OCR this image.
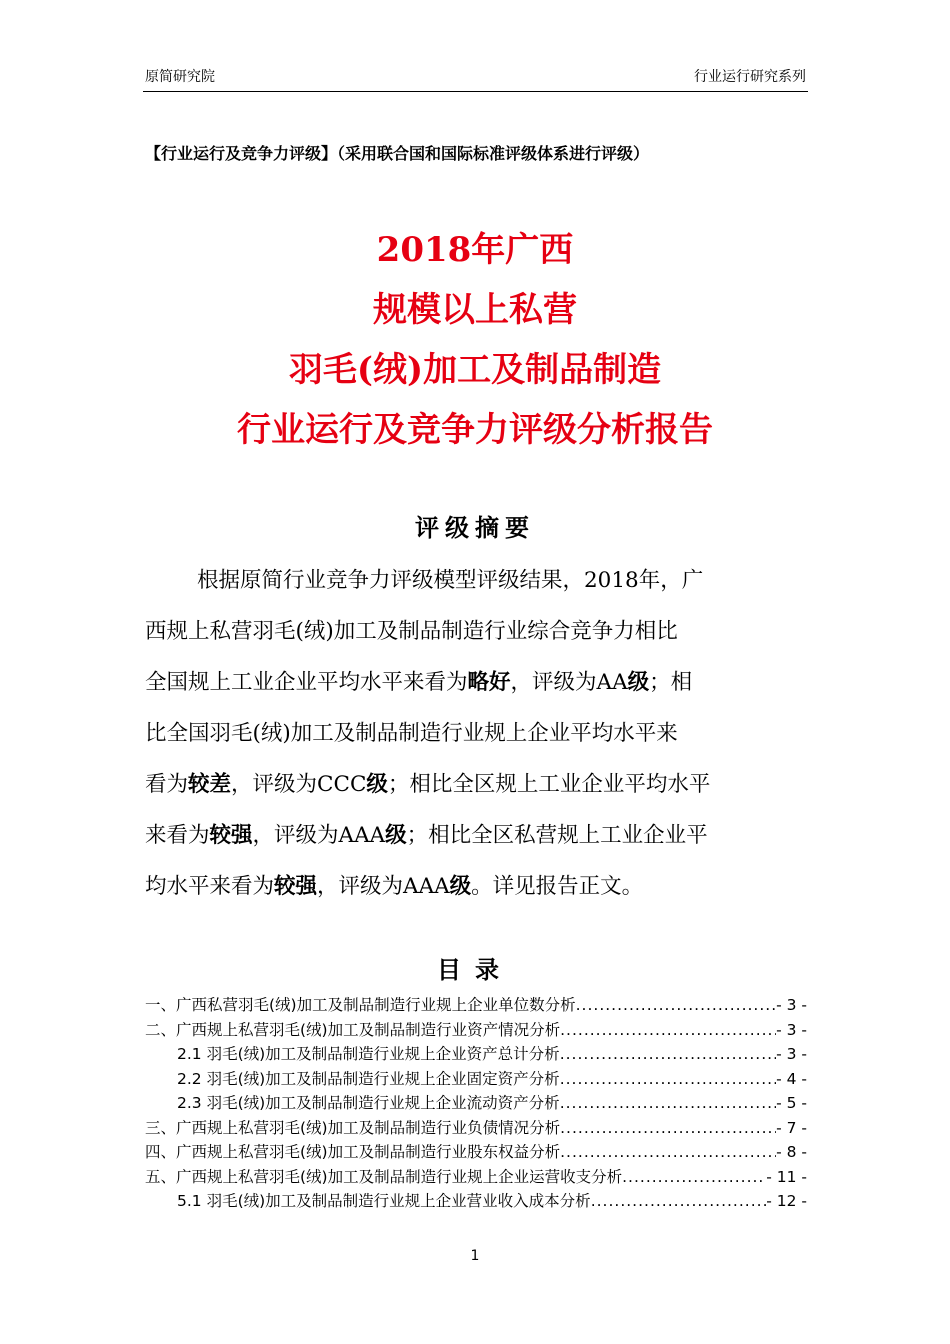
原简研究院	行业运行研究系列
【行业运行及竞争力评级】（采用联合国和国际标准评级体系进行评级）
2018年广西
规模以上私营
羽毛(绒)加工及制品制造
行业运行及竞争力评级分析报告
评级摘要
根据原简行业竞争力评级模型评级结果，2018年，广
西规上私营羽毛(绒)加工及制品制造行业综合竞争力相比
全国规上工业企业平均水平来看为略好，评级为AA级；相
比全国羽毛(绒)加工及制品制造行业规上企业平均水平来
看为较差，评级为CCC级；相比全区规上工业企业平均水平
来看为较强，评级为AAA级；相比全区私营规上工业企业平
均水平来看为较强，评级为AAA级。详见报告正文。
目录
一、广西私营羽毛(绒)加工及制品制造行业规上企业单位数分析 .....	- 3 -
二、广西规上私营羽毛(绒)加工及制品制造行业资产情况分析 .....	- 3 -
2.1 羽毛(绒)加工及制品制造行业规上企业资产总计分析 .....	- 3 -
2.2 羽毛(绒)加工及制品制造行业规上企业固定资产分析 .....	- 4 -
2.3 羽毛(绒)加工及制品制造行业规上企业流动资产分析 .....	- 5 -
三、广西规上私营羽毛(绒)加工及制品制造行业负债情况分析 .....	- 7 -
四、广西规上私营羽毛(绒)加工及制品制造行业股东权益分析 .....	- 8 -
五、广西规上私营羽毛(绒)加工及制品制造行业规上企业运营收支分析 .....	- 11 -
5.1 羽毛(绒)加工及制品制造行业规上企业营业收入成本分析 .....	- 12 -
1
